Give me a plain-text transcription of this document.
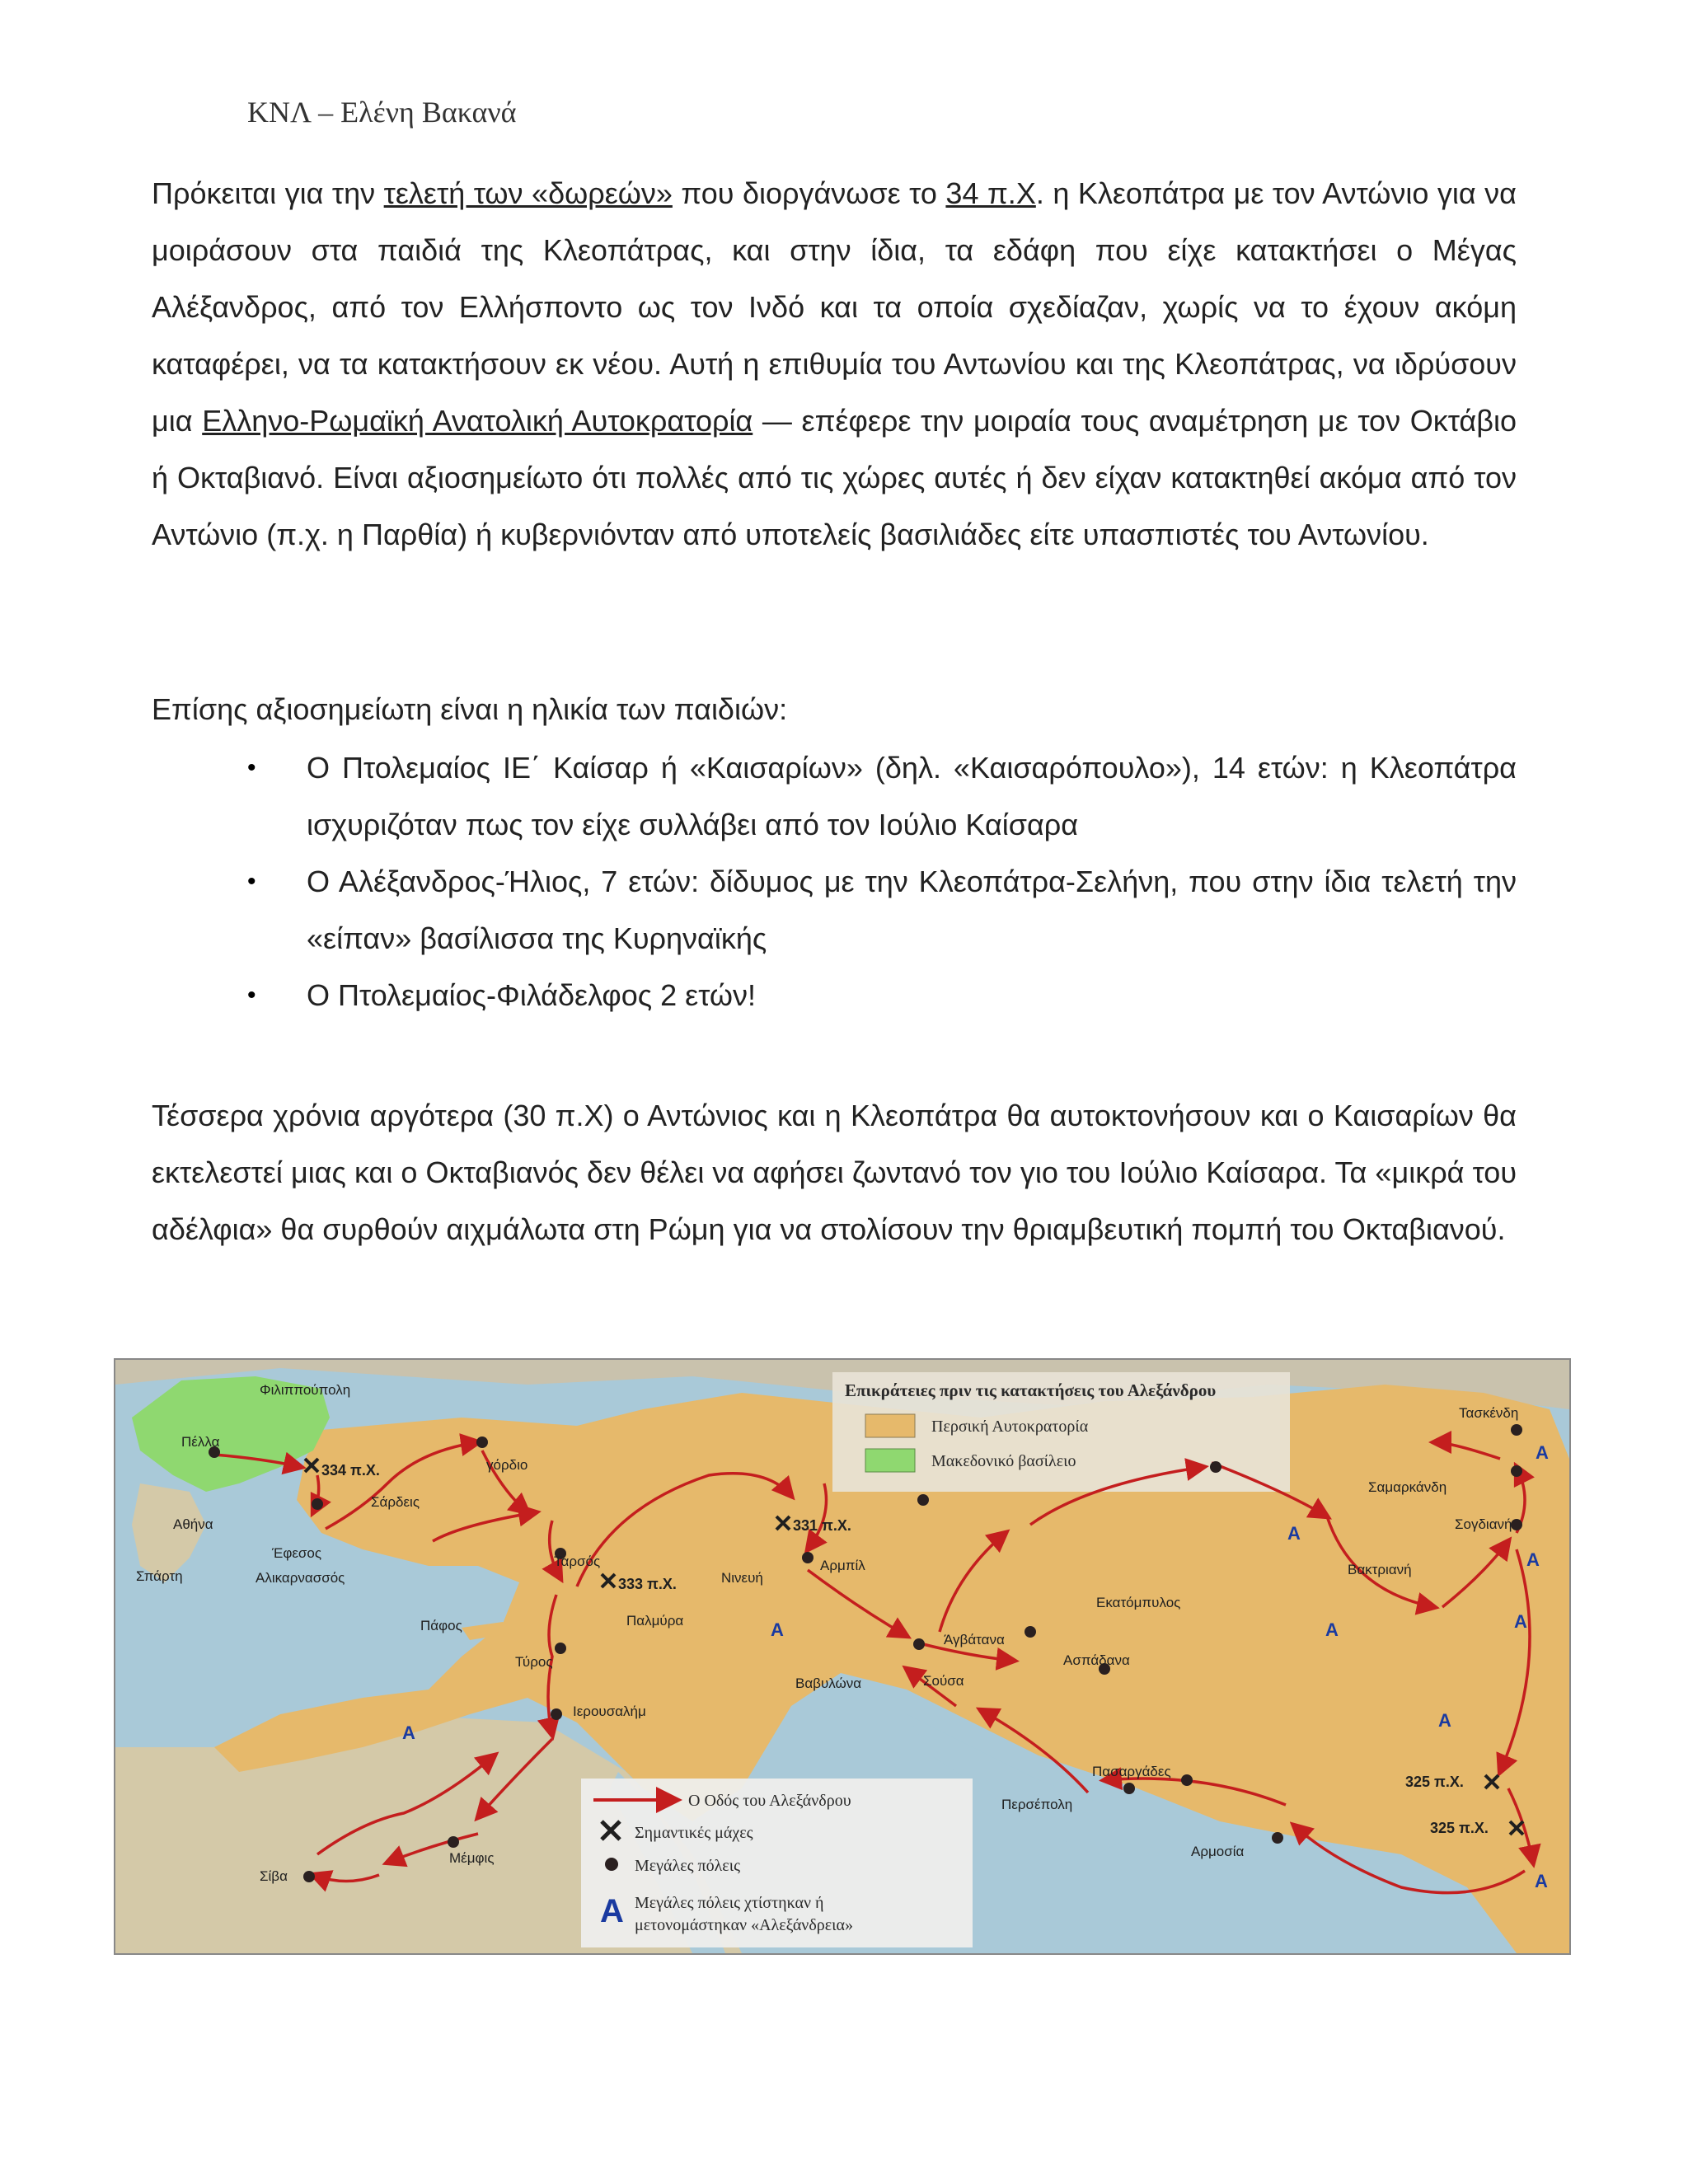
ΚΝΛ – Ελένη Βακανά

Πρόκειται για την τελετή των «δωρεών» που διοργάνωσε το 34 π.Χ. η Κλεοπάτρα με τον Αντώνιο για να μοιράσουν στα παιδιά της Κλεοπάτρας, και στην ίδια, τα εδάφη που είχε κατακτήσει ο Μέγας Αλέξανδρος, από τον Ελλήσποντο ως τον Ινδό και τα οποία σχεδίαζαν, χωρίς να το έχουν ακόμη καταφέρει, να τα κατακτήσουν εκ νέου. Αυτή η επιθυμία του Αντωνίου και της Κλεοπάτρας, να ιδρύσουν μια Ελληνο-Ρωμαϊκή Ανατολική Αυτοκρατορία — επέφερε την μοιραία τους αναμέτρηση με τον Οκτάβιο ή Οκταβιανό. Είναι αξιοσημείωτο ότι πολλές από τις χώρες αυτές ή δεν είχαν κατακτηθεί ακόμα από τον Αντώνιο (π.χ. η Παρθία) ή κυβερνιόνταν από υποτελείς βασιλιάδες είτε υπασπιστές του Αντωνίου.

Επίσης αξιοσημείωτη είναι η ηλικία των παιδιών:

• Ο Πτολεμαίος ΙΕ΄ Καίσαρ ή «Καισαρίων» (δηλ. «Καισαρόπουλο»), 14 ετών: η Κλεοπάτρα ισχυριζόταν πως τον είχε συλλάβει από τον Ιούλιο Καίσαρα
• Ο Αλέξανδρος-Ήλιος, 7 ετών: δίδυμος με την Κλεοπάτρα-Σελήνη, που στην ίδια τελετή την «είπαν» βασίλισσα της Κυρηναϊκής
• Ο Πτολεμαίος-Φιλάδελφος 2 ετών!

Τέσσερα χρόνια αργότερα (30 π.Χ) ο Αντώνιος και η Κλεοπάτρα θα αυτοκτονήσουν και ο Καισαρίων θα εκτελεστεί μιας και ο Οκταβιανός δεν θέλει να αφήσει ζωντανό τον γιο του Ιούλιο Καίσαρα. Τα «μικρά του αδέλφια» θα συρθούν αιχμάλωτα στη Ρώμη για να στολίσουν την θριαμβευτική πομπή του Οκταβιανού.

Επικράτειες πριν τις κατακτήσεις του Αλεξάνδρου
Περσική Αυτοκρατορία
Μακεδονικό βασίλειο
Φιλιππούπολη
Πέλλα
Αθήνα
Σπάρτη
Έφεσος
Αλικαρνασσός
Σάρδεις
γόρδιο
Ταρσός
Πάφος	Παλμύρα
Τύρος
Ιερουσαλήμ
Μέμφις
Σίβα
Νινευή
Αρμπίλ
Βαβυλώνα	Σούσα
Άγβάτανα
Ασπάδανα
Εκατόμπυλος
Περσέπολη
Πασαργάδες
Αρμοσία
Τασκένδη
Σαμαρκάνδη
Σογδιανή
Βακτριανή
334 π.Χ.
333 π.Χ.
331 π.Χ.
325 π.Χ.
325 π.Χ.
A
A
A
A
A
A
A
A
A
Ο Οδός του Αλεξάνδρου
Σημαντικές μάχες
Μεγάλες πόλεις
A Μεγάλες πόλεις χτίστηκαν ή
μετονομάστηκαν «Αλεξάνδρεια»
